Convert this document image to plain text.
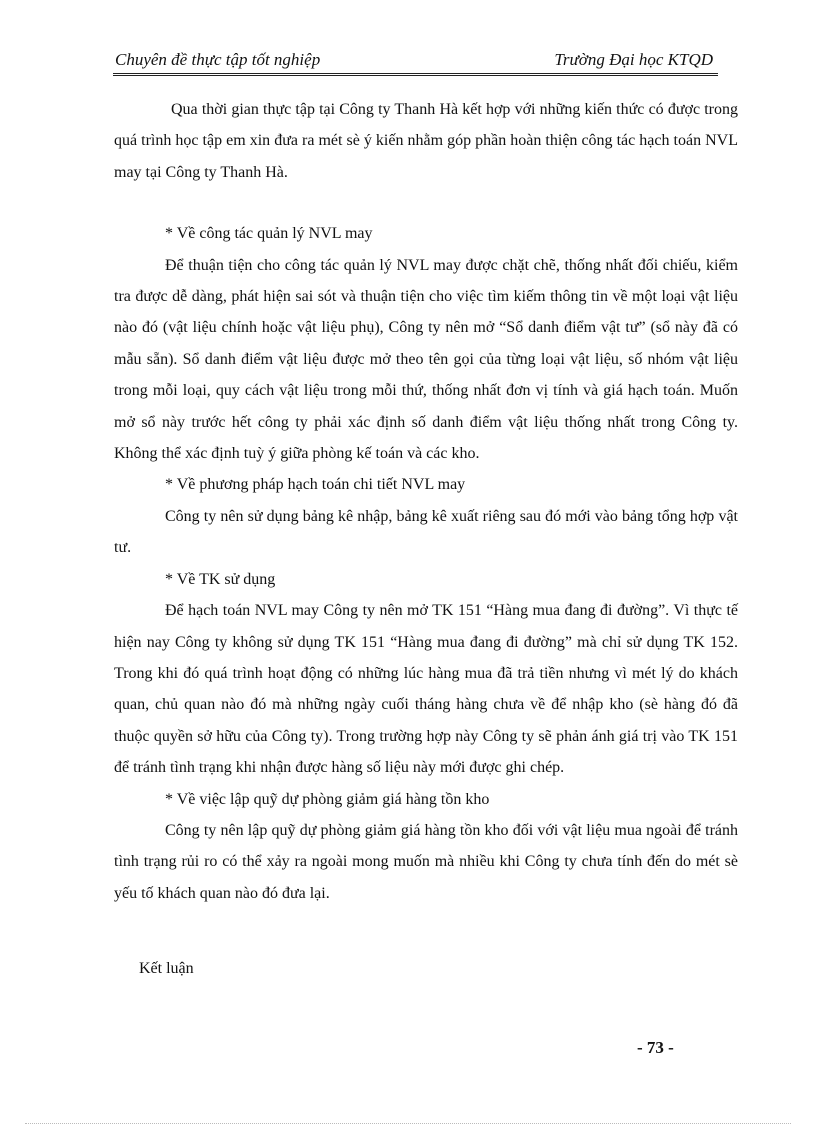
Chuyên đề thực tập tốt nghiệp	Trường Đại học KTQD

Qua thời gian thực tập tại Công ty Thanh Hà kết hợp với những kiến thức có được trong quá trình học tập em xin đưa ra mét sè ý kiến nhằm góp phần hoàn thiện công tác hạch toán NVL may tại Công ty Thanh Hà.

* Về công tác quản lý NVL may

Để thuận tiện cho công tác quản lý NVL may được chặt chẽ, thống nhất đối chiếu, kiểm tra được dễ dàng, phát hiện sai sót và thuận tiện cho việc tìm kiếm thông tin về một loại vật liệu nào đó (vật liệu chính hoặc vật liệu phụ), Công ty nên mở “Sổ danh điểm vật tư” (sổ này đã có mẫu sẵn). Sổ danh điểm vật liệu được mở theo tên gọi của từng loại vật liệu, số nhóm vật liệu trong mỗi loại, quy cách vật liệu trong mỗi thứ, thống nhất đơn vị tính và giá hạch toán. Muốn mở sổ này trước hết công ty phải xác định số danh điểm vật liệu thống nhất trong Công ty. Không thể xác định tuỳ ý giữa phòng kế toán và các kho.

* Về phương pháp hạch toán chi tiết NVL may

Công ty nên sử dụng bảng kê nhập, bảng kê xuất riêng sau đó mới vào bảng tổng hợp vật tư.

* Về TK sử dụng

Để hạch toán NVL may Công ty nên mở TK 151 “Hàng mua đang đi đường”. Vì thực tế hiện nay Công ty không sử dụng TK 151 “Hàng mua đang đi đường” mà chỉ sử dụng TK 152. Trong khi đó quá trình hoạt động có những lúc hàng mua đã trả tiền nhưng vì mét lý do khách quan, chủ quan nào đó mà những ngày cuối tháng hàng chưa về để nhập kho (sè hàng đó đã thuộc quyền sở hữu của Công ty). Trong trường hợp này Công ty sẽ phản ánh giá trị vào TK 151 để tránh tình trạng khi nhận được hàng số liệu này mới được ghi chép.

* Về việc lập quỹ dự phòng giảm giá hàng tồn kho

Công ty nên lập quỹ dự phòng giảm giá hàng tồn kho đối với vật liệu mua ngoài để tránh tình trạng rủi ro có thể xảy ra ngoài mong muốn mà nhiều khi Công ty chưa tính đến do mét sè yếu tố khách quan nào đó đưa lại.

Kết luận

- 73 -
